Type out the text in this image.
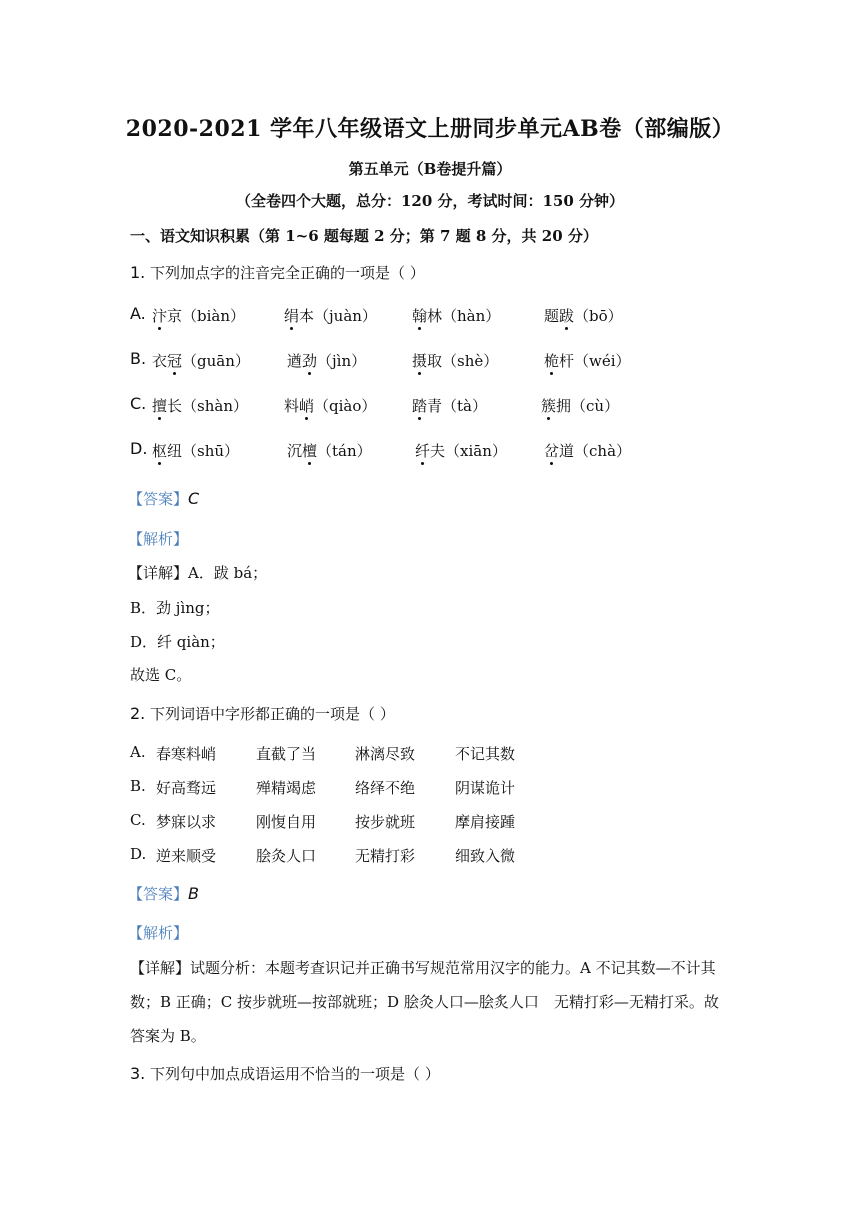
2020-2021 学年八年级语文上册同步单元AB卷（部编版）
第五单元（B卷提升篇）
（全卷四个大题，总分：120 分，考试时间：150 分钟）
一、语文知识积累（第 1~6 题每题 2 分；第 7 题 8 分，共 20 分）
1. 下列加点字的注音完全正确的一项是（ ）
A. 汴京（biàn）	绢本（juàn） 翰林（hàn）	题跋（bō）
B. 衣冠（guān） 遒劲（jìn）	摄取（shè）	桅杆（wéi）
C. 擅长（shàn） 料峭（qiào） 踏青（tà）	簇拥（cù）
D. 枢纽（shū）	沉檀（tán）	纤夫（xiān） 岔道（chà）
【答案】C
【解析】
【详解】A．跋 bá；
B．劲 jìng；
D．纤 qiàn；
故选 C。
2. 下列词语中字形都正确的一项是（ ）
A. 春寒料峭	直截了当	淋漓尽致	不记其数
B. 好高骛远	殚精竭虑	络绎不绝	阴谋诡计
C. 梦寐以求	刚愎自用	按步就班	摩肩接踵
D. 逆来顺受	脍灸人口	无精打彩	细致入微
【答案】B
【解析】
【详解】试题分析：本题考查识记并正确书写规范常用汉字的能力。A 不记其数—不计其数；B 正确；C 按步就班—按部就班；D 脍灸人口—脍炙人口　无精打彩—无精打采。故答案为 B。
3. 下列句中加点成语运用不恰当的一项是（ ）
